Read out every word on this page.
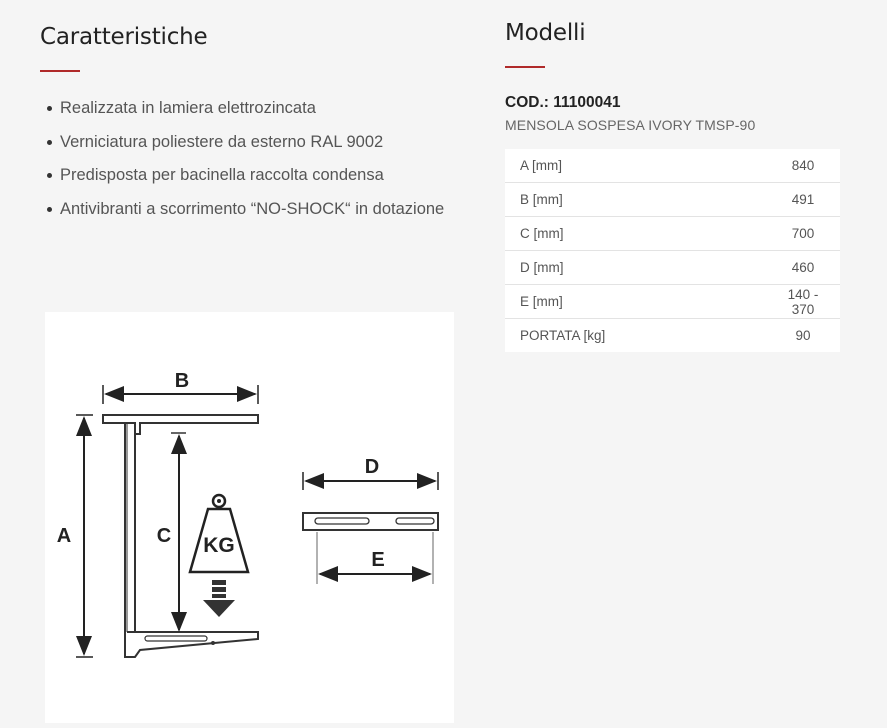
Caratteristiche
Realizzata in lamiera elettrozincata
Verniciatura poliestere da esterno RAL 9002
Predisposta per bacinella raccolta condensa
Antivibranti a scorrimento “NO-SHOCK“ in dotazione
B
A	C KG
D
E
Modelli
COD.: 11100041
MENSOLA SOSPESA IVORY TMSP-90
A [mm]	840
B [mm]	491
C [mm]	700
D [mm]	460
E [mm]	140 - 370
PORTATA [kg]	90
